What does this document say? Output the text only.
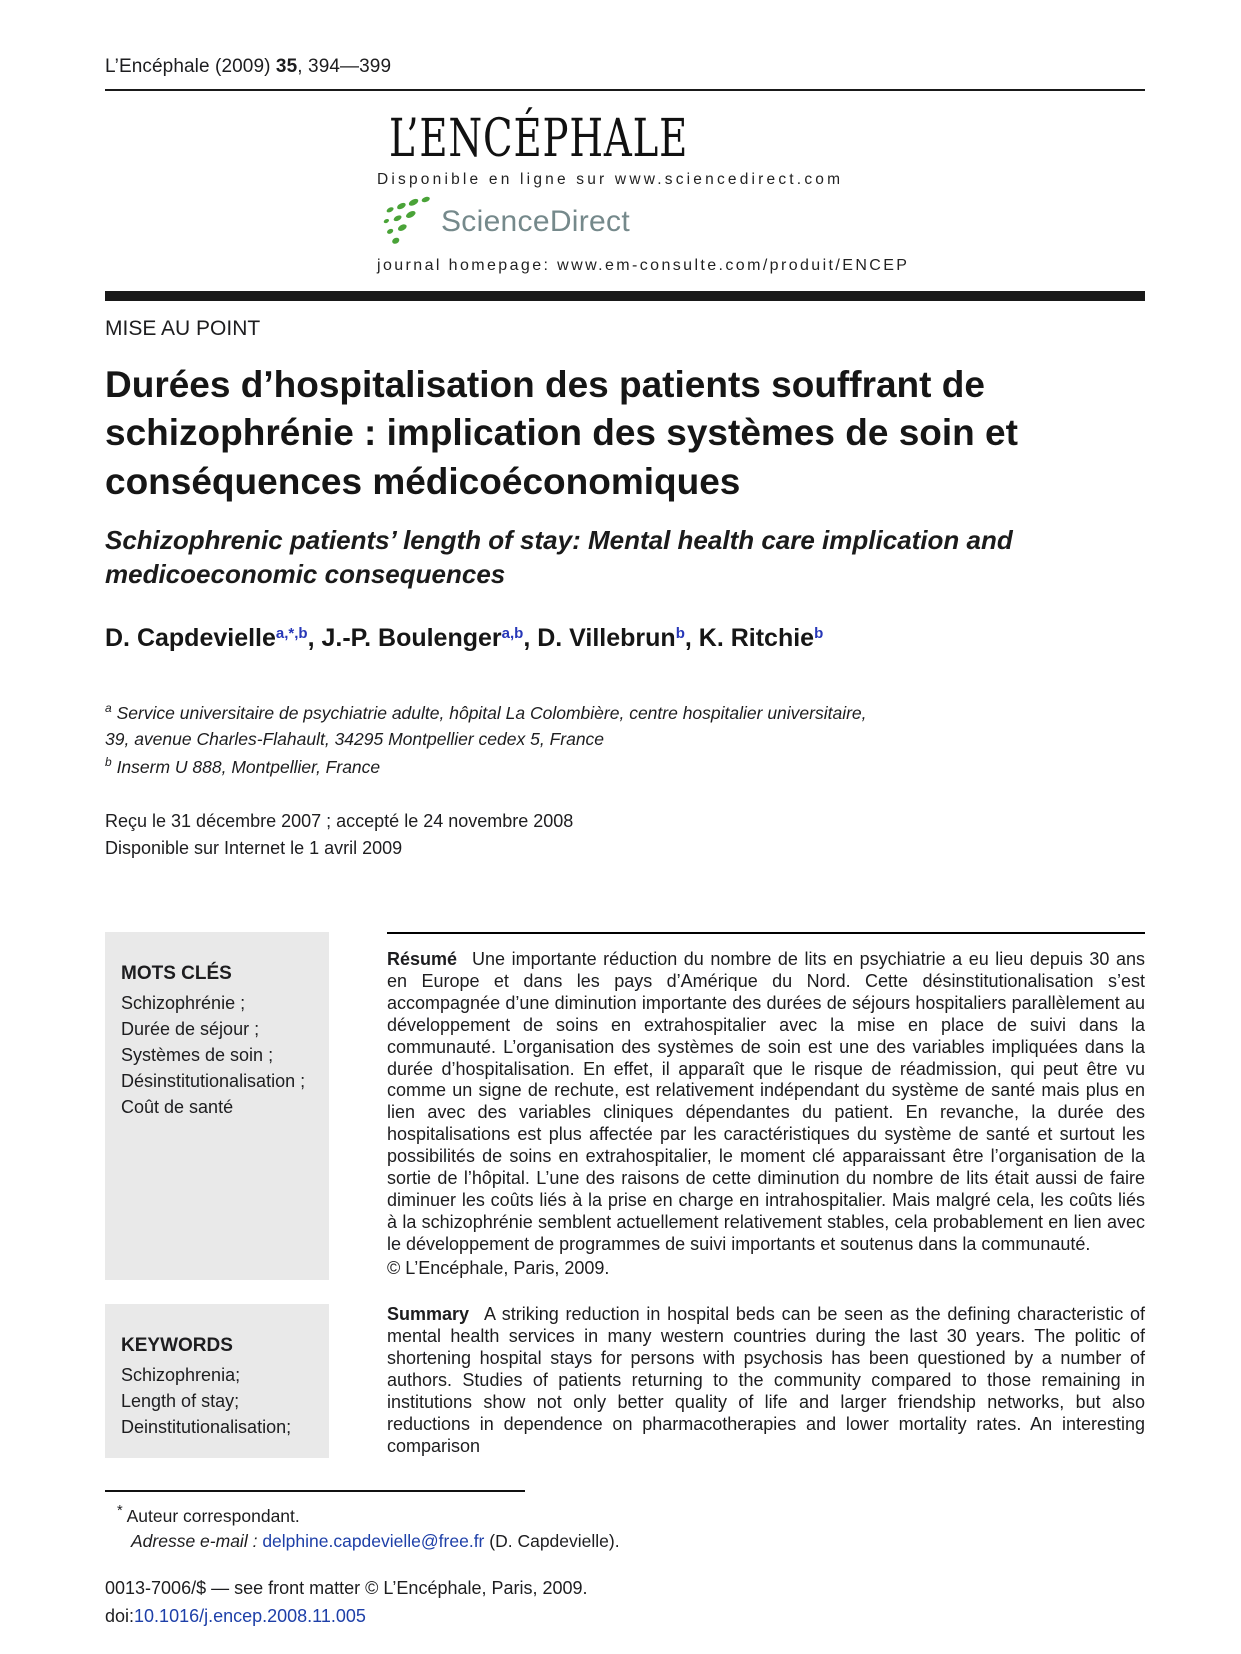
L’Encéphale (2009) 35, 394—399
L’ENCÉPHALE
Disponible en ligne sur www.sciencedirect.com
ScienceDirect
journal homepage: www.em-consulte.com/produit/ENCEP
MISE AU POINT
Durées d’hospitalisation des patients souffrant de schizophrénie : implication des systèmes de soin et conséquences médicoéconomiques
Schizophrenic patients’ length of stay: Mental health care implication and medicoeconomic consequences
D. Capdevielle$^{a,*,b}$, J.-P. Boulenger$^{a,b}$, D. Villebrun$^b$, K. Ritchie$^b$
$^a$ Service universitaire de psychiatrie adulte, hôpital La Colombière, centre hospitalier universitaire,
39, avenue Charles-Flahault, 34295 Montpellier cedex 5, France
$^b$ Inserm U 888, Montpellier, France
Reçu le 31 décembre 2007 ; accepté le 24 novembre 2008
Disponible sur Internet le 1 avril 2009
MOTS CLÉS
Schizophrénie ;
Durée de séjour ;
Systèmes de soin ;
Désinstitutionalisation ;
Coût de santé

Résumé Une importante réduction du nombre de lits en psychiatrie a eu lieu depuis 30 ans en Europe et dans les pays d’Amérique du Nord. Cette désinstitutionalisation s’est accompagnée d’une diminution importante des durées de séjours hospitaliers parallèlement au développement de soins en extrahospitalier avec la mise en place de suivi dans la communauté. L’organisation des systèmes de soin est une des variables impliquées dans la durée d’hospitalisation. En effet, il apparaît que le risque de réadmission, qui peut être vu comme un signe de rechute, est relativement indépendant du système de santé mais plus en lien avec des variables cliniques dépendantes du patient. En revanche, la durée des hospitalisations est plus affectée par les caractéristiques du système de santé et surtout les possibilités de soins en extrahospitalier, le moment clé apparaissant être l’organisation de la sortie de l’hôpital. L’une des raisons de cette diminution du nombre de lits était aussi de faire diminuer les coûts liés à la prise en charge en intrahospitalier. Mais malgré cela, les coûts liés à la schizophrénie semblent actuellement relativement stables, cela probablement en lien avec le développement de programmes de suivi importants et soutenus dans la communauté.

© L’Encéphale, Paris, 2009.
KEYWORDS
Schizophrenia;
Length of stay;
Deinstitutionalisation;

Summary A striking reduction in hospital beds can be seen as the defining characteristic of mental health services in many western countries during the last 30 years. The politic of shortening hospital stays for persons with psychosis has been questioned by a number of authors. Studies of patients returning to the community compared to those remaining in institutions show not only better quality of life and larger friendship networks, but also reductions in dependence on pharmacotherapies and lower mortality rates. An interesting comparison

* Auteur correspondant.
Adresse e-mail : delphine.capdevielle@free.fr (D. Capdevielle).
0013-7006/$ — see front matter © L’Encéphale, Paris, 2009.
doi:10.1016/j.encep.2008.11.005
